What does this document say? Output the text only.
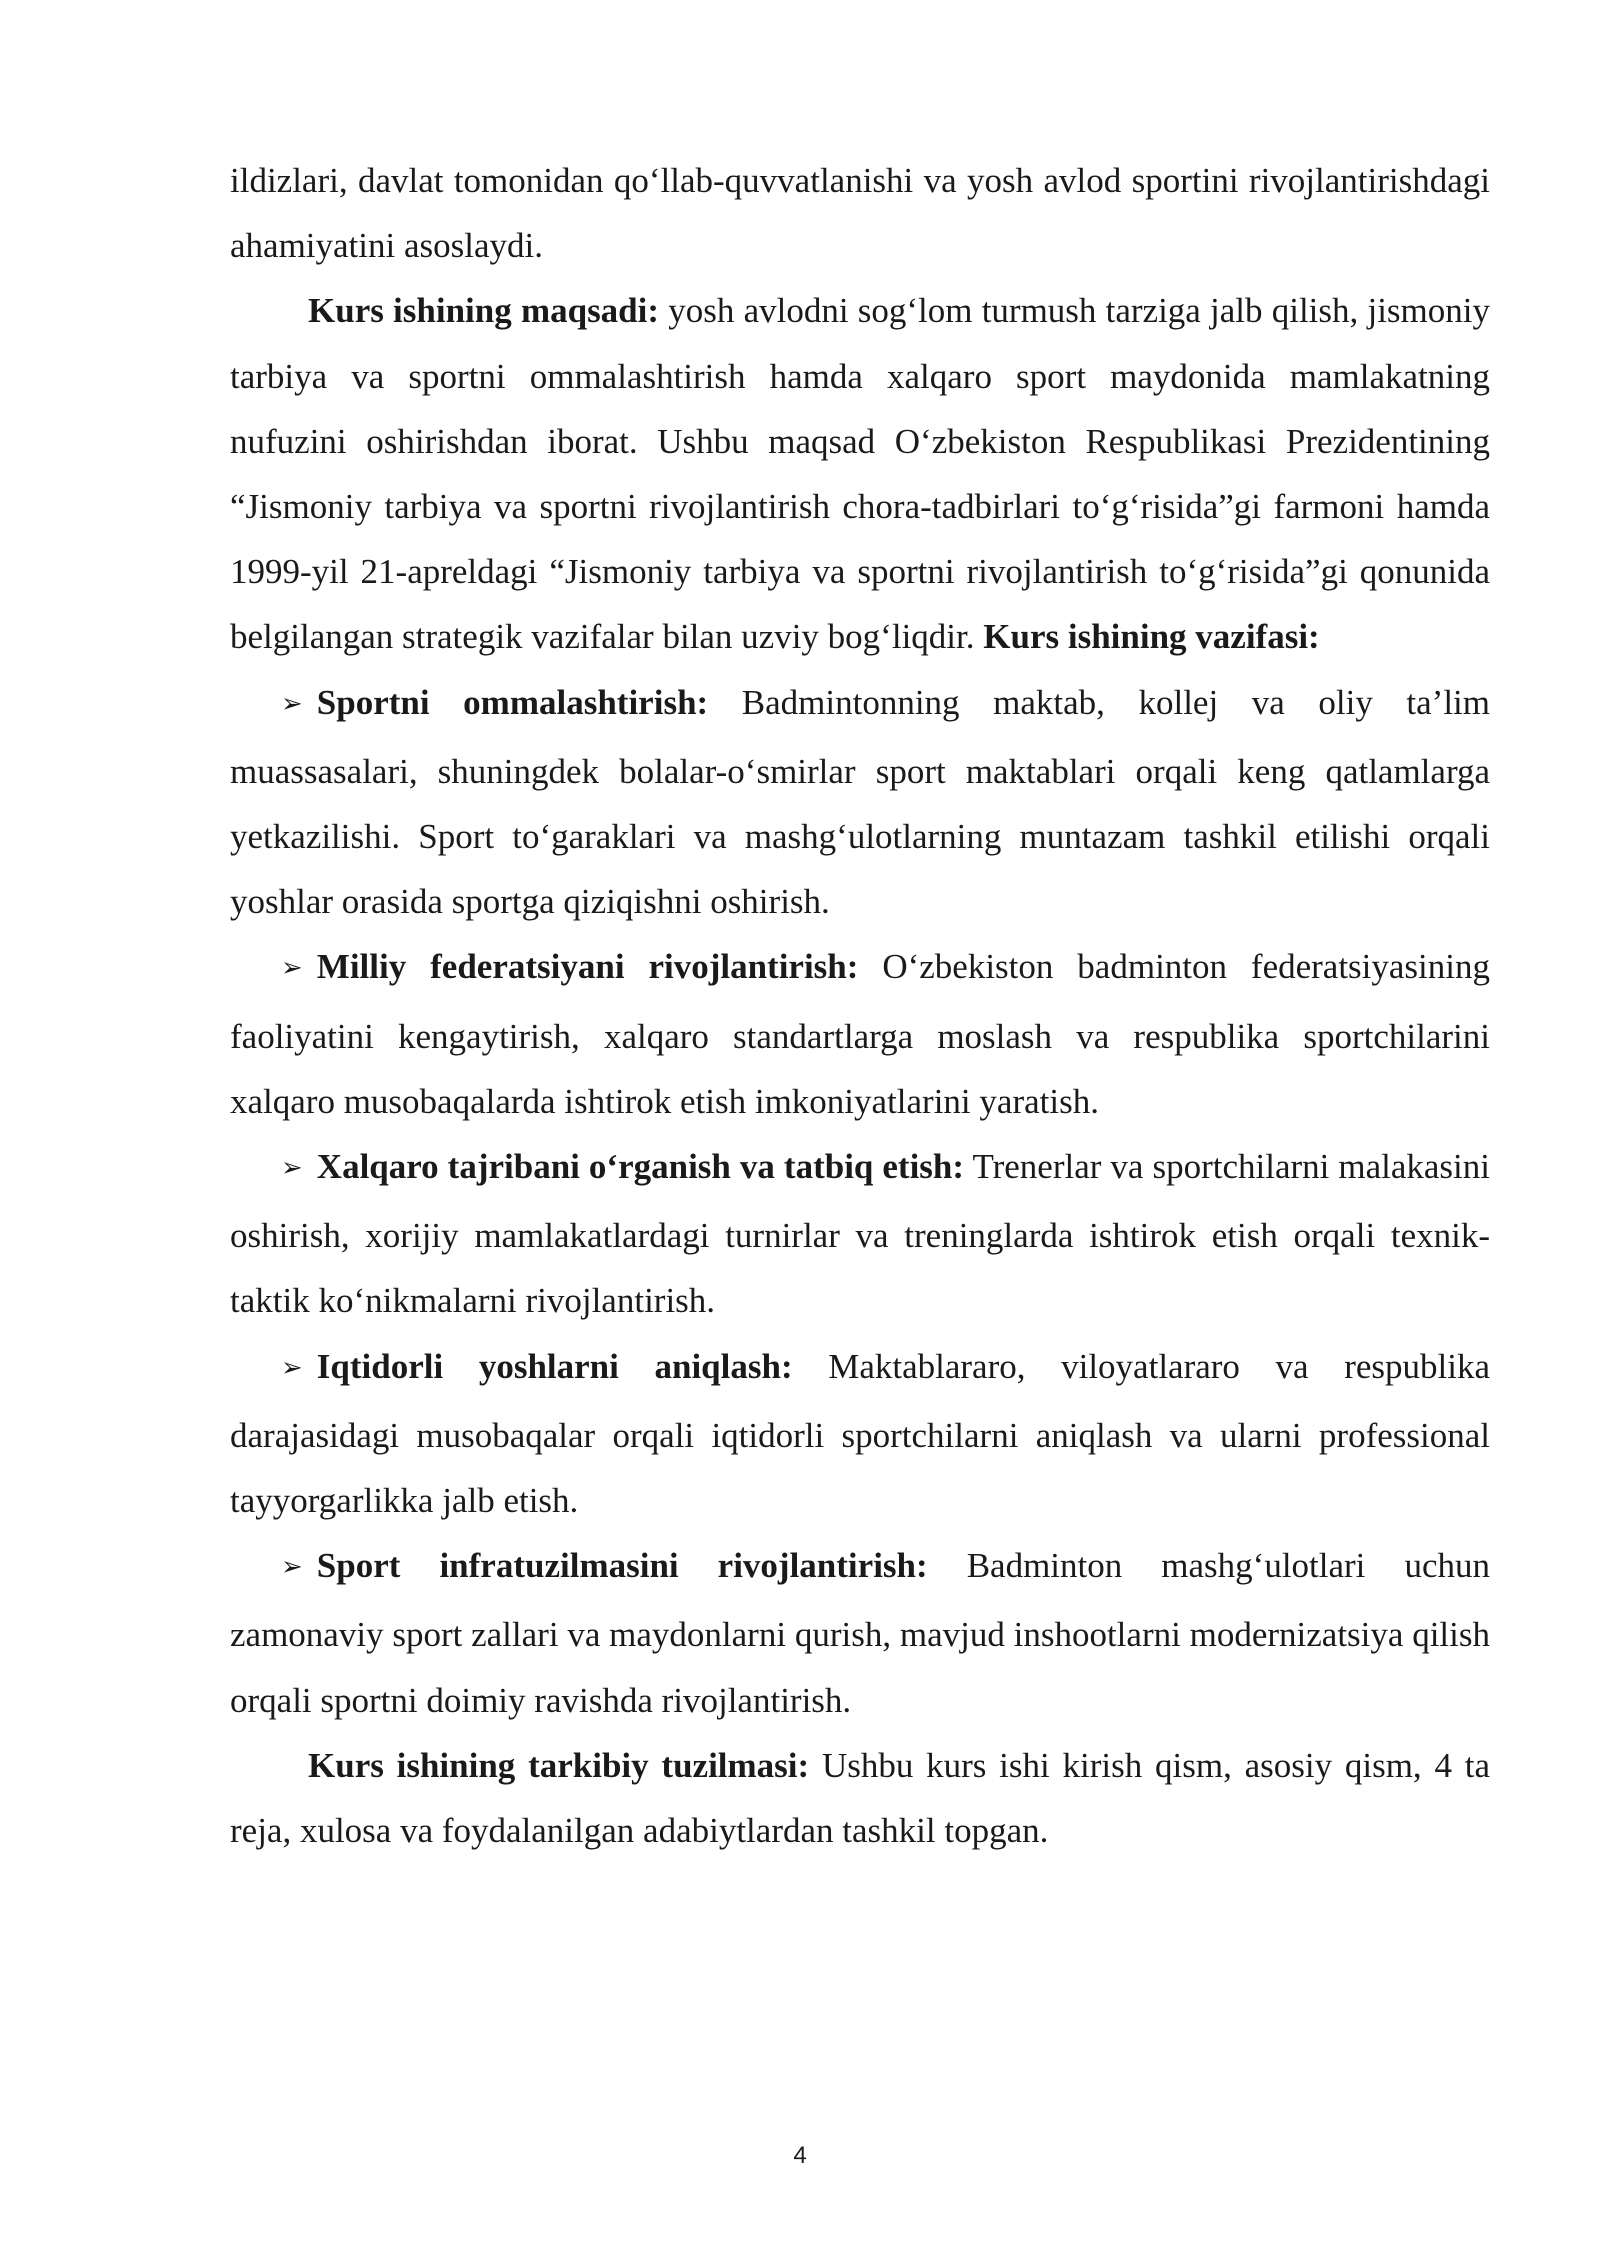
ildizlari, davlat tomonidan qo‘llab-quvvatlanishi va yosh avlod sportini rivojlantirishdagi ahamiyatini asoslaydi.

Kurs ishining maqsadi: yosh avlodni sog‘lom turmush tarziga jalb qilish, jismoniy tarbiya va sportni ommalashtirish hamda xalqaro sport maydonida mamlakatning nufuzini oshirishdan iborat. Ushbu maqsad O‘zbekiston Respublikasi Prezidentining “Jismoniy tarbiya va sportni rivojlantirish chora-tadbirlari to‘g‘risida”gi farmoni hamda 1999-yil 21-apreldagi “Jismoniy tarbiya va sportni rivojlantirish to‘g‘risida”gi qonunida belgilangan strategik vazifalar bilan uzviy bog‘liqdir. Kurs ishining vazifasi:

➢ Sportni ommalashtirish: Badmintonning maktab, kollej va oliy ta’lim muassasalari, shuningdek bolalar-o‘smirlar sport maktablari orqali keng qatlamlarga yetkazilishi. Sport to‘garaklari va mashg‘ulotlarning muntazam tashkil etilishi orqali yoshlar orasida sportga qiziqishni oshirish.

➢ Milliy federatsiyani rivojlantirish: O‘zbekiston badminton federatsiyasining faoliyatini kengaytirish, xalqaro standartlarga moslash va respublika sportchilarini xalqaro musobaqalarda ishtirok etish imkoniyatlarini yaratish.

➢ Xalqaro tajribani o‘rganish va tatbiq etish: Trenerlar va sportchilarni malakasini oshirish, xorijiy mamlakatlardagi turnirlar va treninglarda ishtirok etish orqali texnik-taktik ko‘nikmalarni rivojlantirish.

➢ Iqtidorli yoshlarni aniqlash: Maktablararo, viloyatlararo va respublika darajasidagi musobaqalar orqali iqtidorli sportchilarni aniqlash va ularni professional tayyorgarlikka jalb etish.

➢ Sport infratuzilmasini rivojlantirish: Badminton mashg‘ulotlari uchun zamonaviy sport zallari va maydonlarni qurish, mavjud inshootlarni modernizatsiya qilish orqali sportni doimiy ravishda rivojlantirish.

Kurs ishining tarkibiy tuzilmasi: Ushbu kurs ishi kirish qism, asosiy qism, 4 ta reja, xulosa va foydalanilgan adabiytlardan tashkil topgan.

4
